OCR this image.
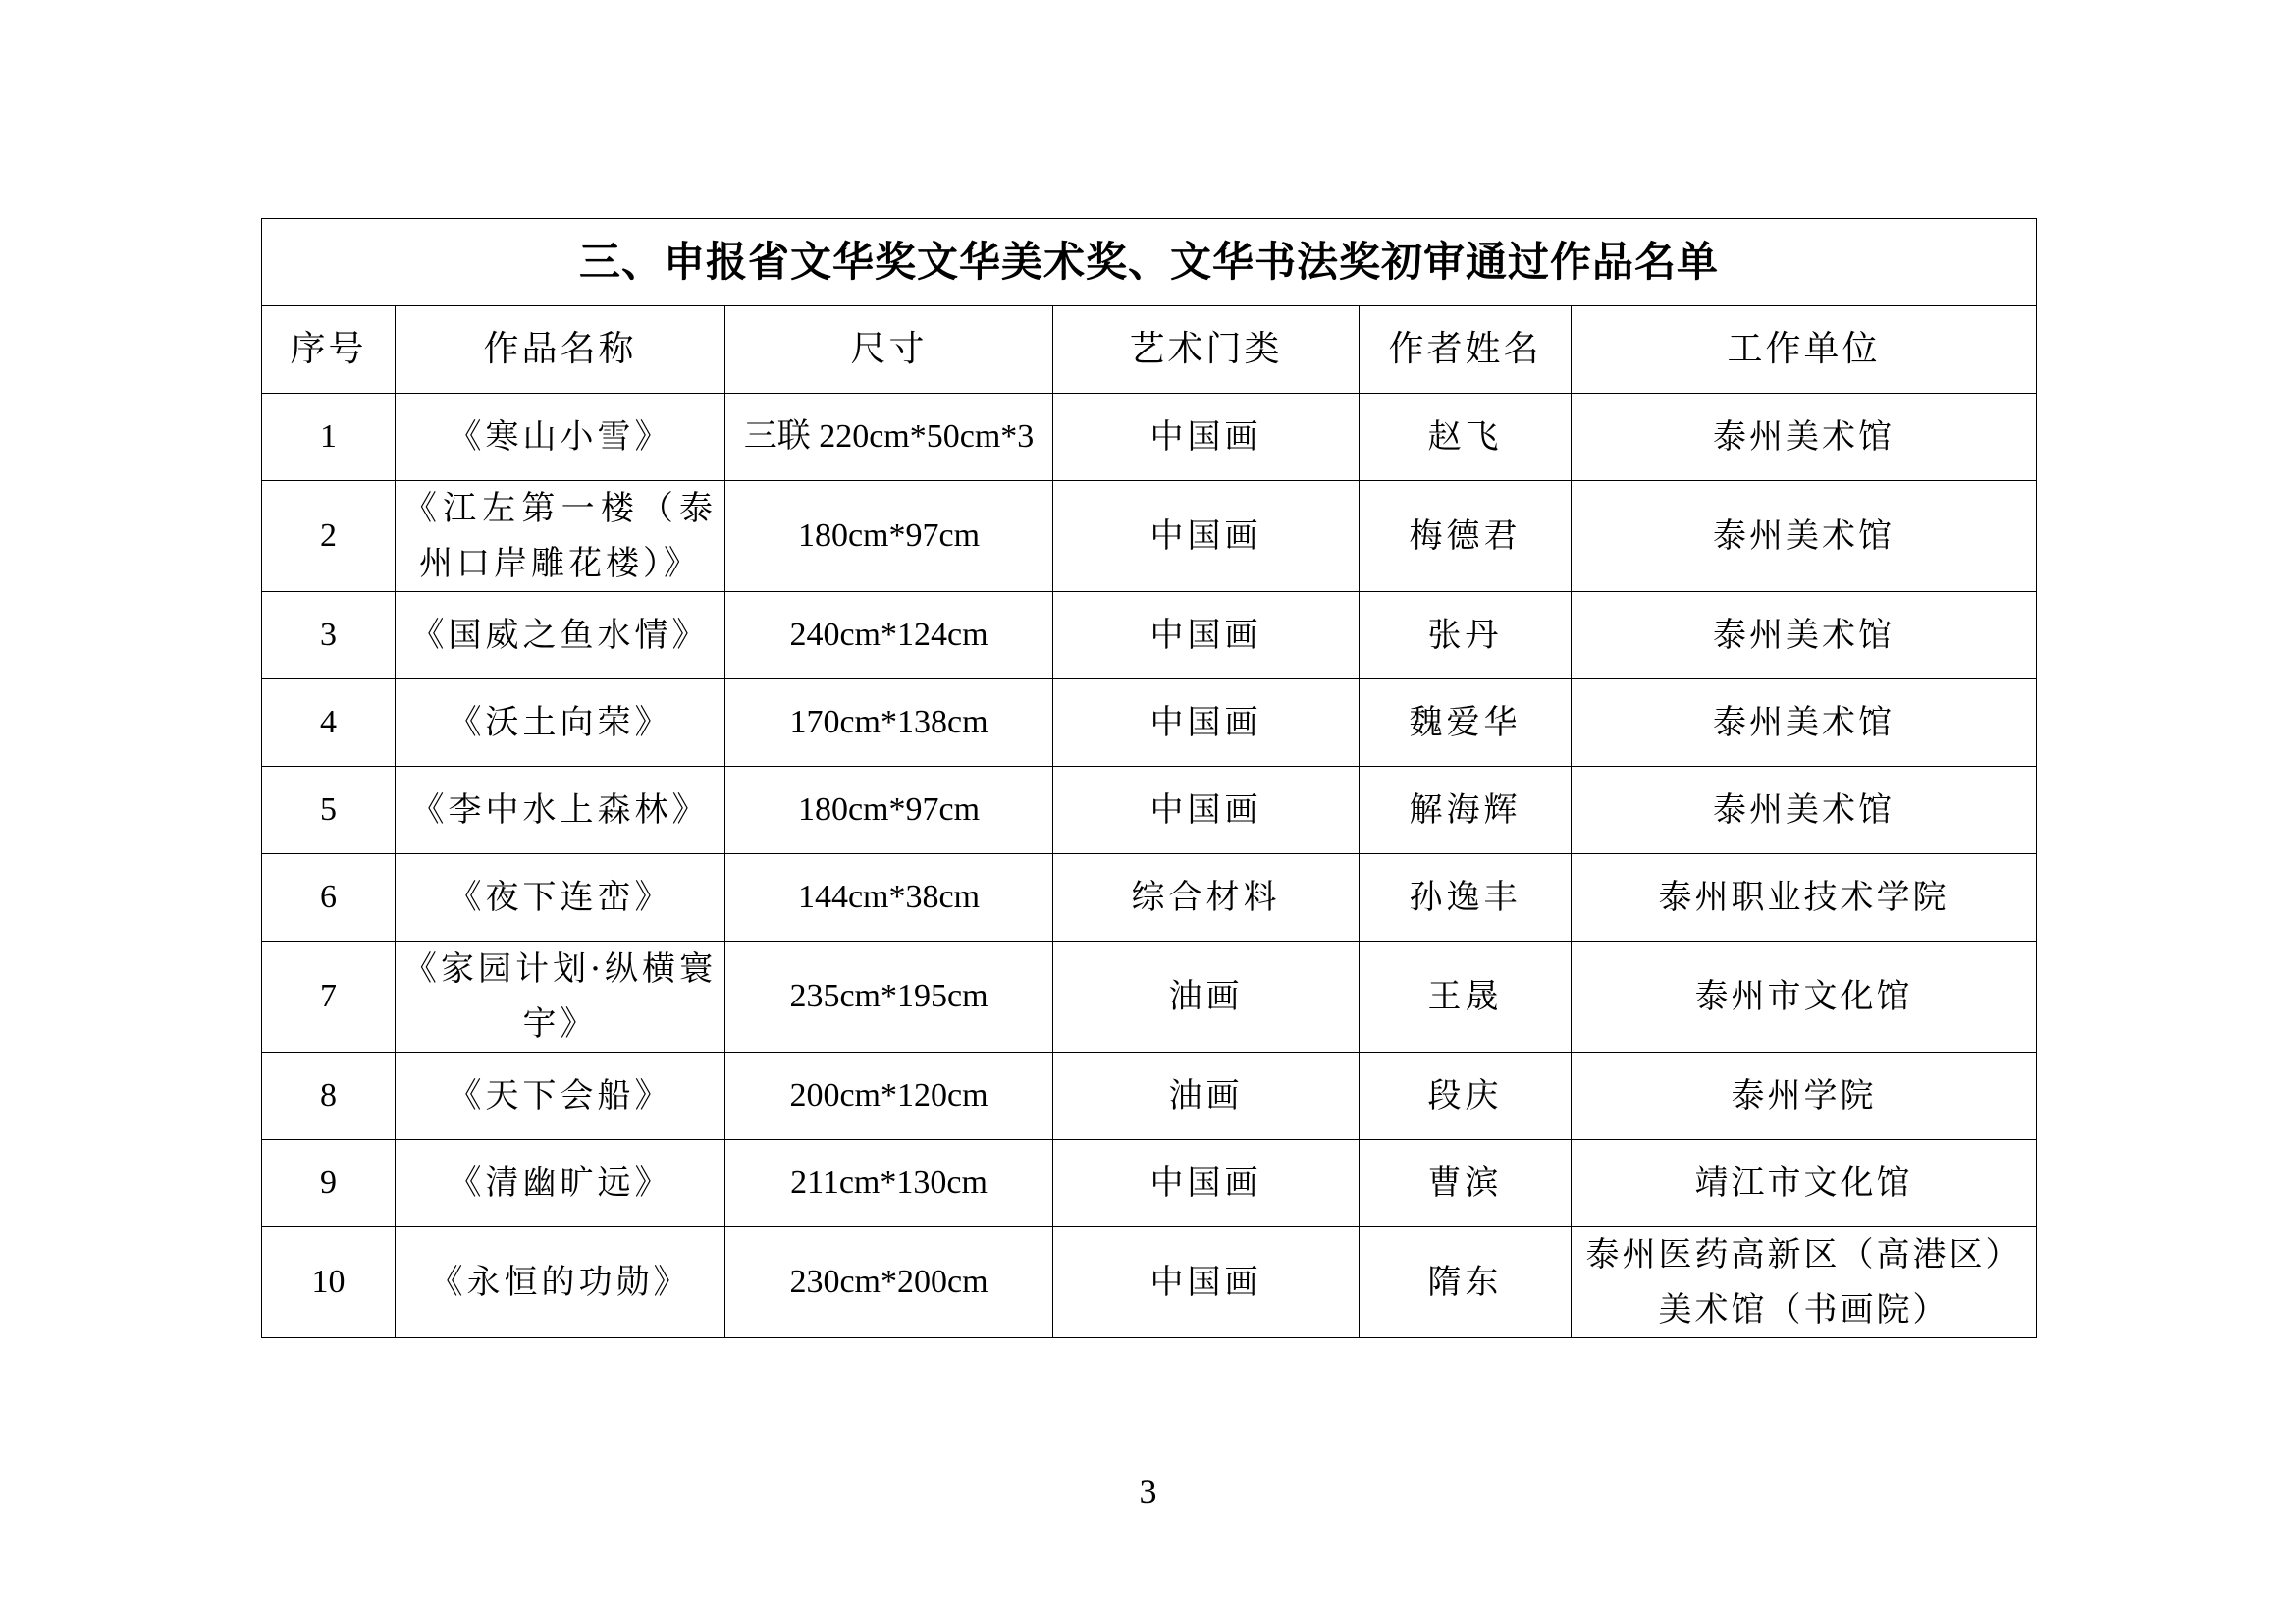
三、申报省文华奖文华美术奖、文华书法奖初审通过作品名单					
序号	作品名称	尺寸	艺术门类	作者姓名	工作单位
1	《寒山小雪》	三联 220cm*50cm*3	中国画	赵飞	泰州美术馆
2	《江左第一楼（泰州口岸雕花楼）》	180cm*97cm	中国画	梅德君	泰州美术馆
3	《国威之鱼水情》	240cm*124cm	中国画	张丹	泰州美术馆
4	《沃土向荣》	170cm*138cm	中国画	魏爱华	泰州美术馆
5	《李中水上森林》	180cm*97cm	中国画	解海辉	泰州美术馆
6	《夜下连峦》	144cm*38cm	综合材料	孙逸丰	泰州职业技术学院
7	《家园计划·纵横寰宇》	235cm*195cm	油画	王晟	泰州市文化馆
8	《天下会船》	200cm*120cm	油画	段庆	泰州学院
9	《清幽旷远》	211cm*130cm	中国画	曹滨	靖江市文化馆
10	《永恒的功勋》	230cm*200cm	中国画	隋东	泰州医药高新区（高港区）美术馆（书画院）
3
